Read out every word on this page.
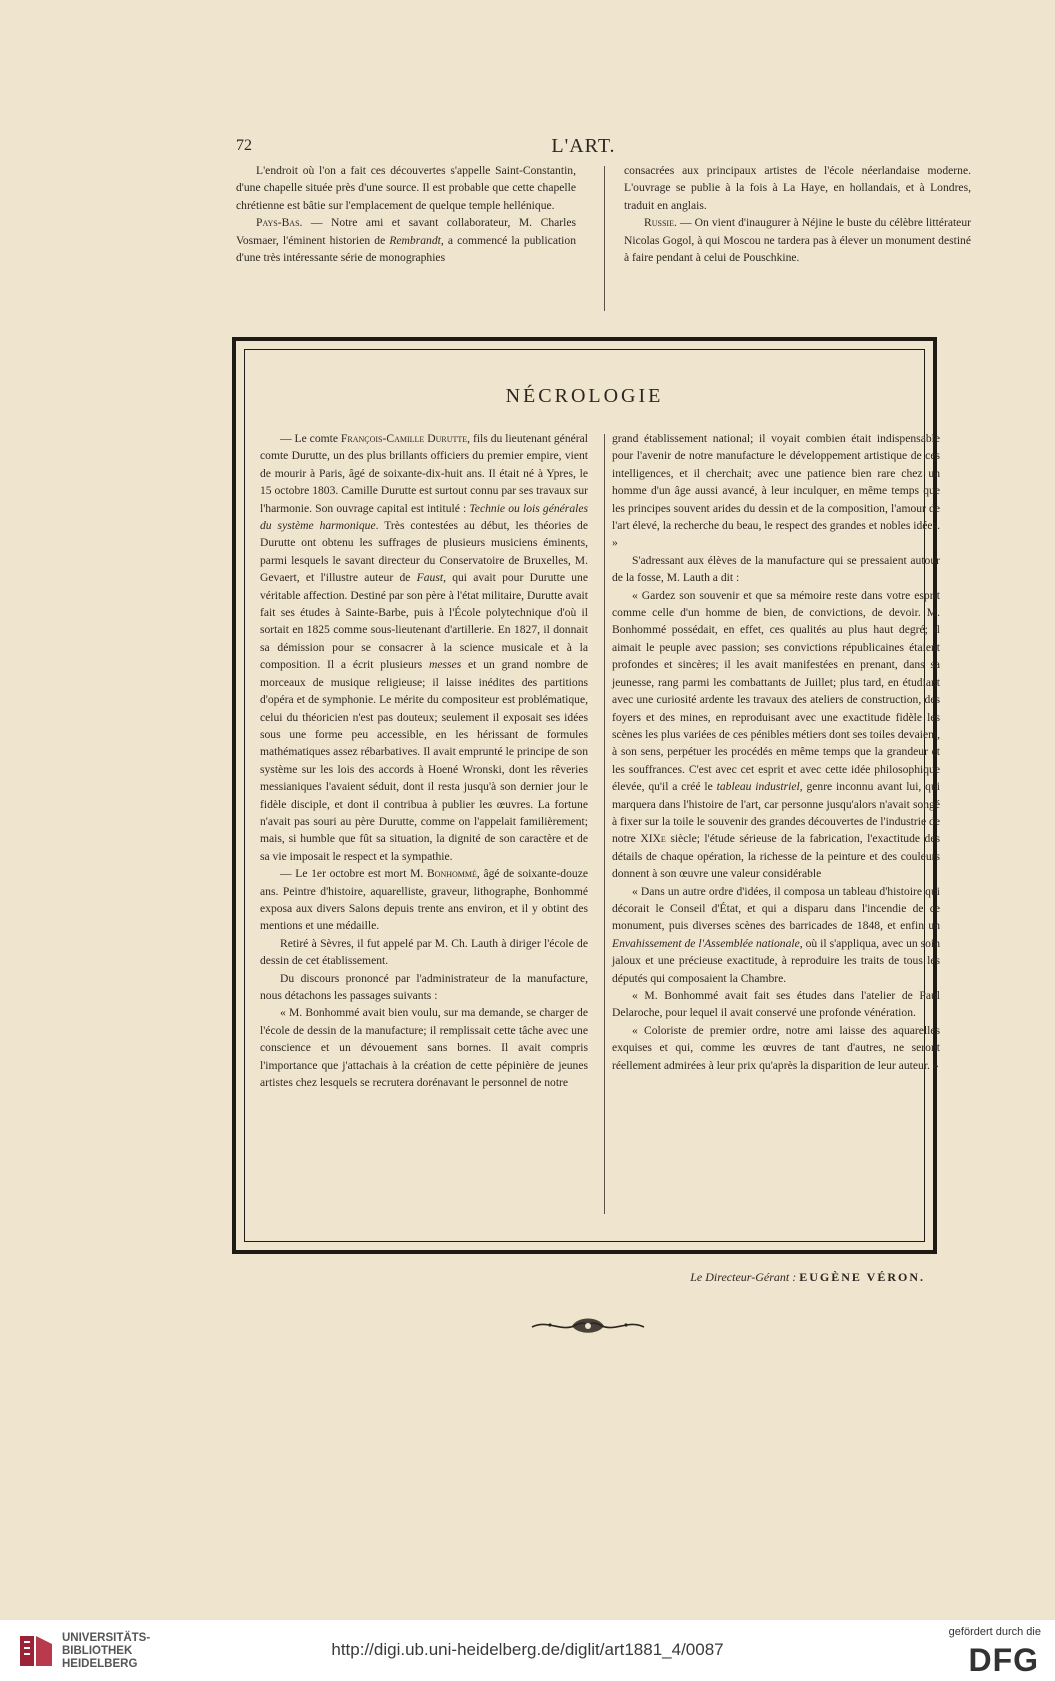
72	L'ART.

L'endroit où l'on a fait ces découvertes s'appelle Saint-Constantin, d'une chapelle située près d'une source. Il est probable que cette chapelle chrétienne est bâtie sur l'emplacement de quelque temple hellénique.

Pays-Bas. — Notre ami et savant collaborateur, M. Charles Vosmaer, l'éminent historien de Rembrandt, a commencé la publication d'une très intéressante série de monographies

consacrées aux principaux artistes de l'école néerlandaise moderne. L'ouvrage se publie à la fois à La Haye, en hollandais, et à Londres, traduit en anglais.

Russie. — On vient d'inaugurer à Néjine le buste du célèbre littérateur Nicolas Gogol, à qui Moscou ne tardera pas à élever un monument destiné à faire pendant à celui de Pouschkine.

NÉCROLOGIE

— Le comte François-Camille Durutte, fils du lieutenant général comte Durutte, un des plus brillants officiers du premier empire, vient de mourir à Paris, âgé de soixante-dix-huit ans. Il était né à Ypres, le 15 octobre 1803. Camille Durutte est surtout connu par ses travaux sur l'harmonie. Son ouvrage capital est intitulé : Technie ou lois générales du système harmonique. Très contestées au début, les théories de Durutte ont obtenu les suffrages de plusieurs musiciens éminents, parmi lesquels le savant directeur du Conservatoire de Bruxelles, M. Gevaert, et l'illustre auteur de Faust, qui avait pour Durutte une véritable affection. Destiné par son père à l'état militaire, Durutte avait fait ses études à Sainte-Barbe, puis à l'École polytechnique d'où il sortait en 1825 comme sous-lieutenant d'artillerie. En 1827, il donnait sa démission pour se consacrer à la science musicale et à la composition. Il a écrit plusieurs messes et un grand nombre de morceaux de musique religieuse; il laisse inédites des partitions d'opéra et de symphonie. Le mérite du compositeur est problématique, celui du théoricien n'est pas douteux; seulement il exposait ses idées sous une forme peu accessible, en les hérissant de formules mathématiques assez rébarbatives. Il avait emprunté le principe de son système sur les lois des accords à Hoené Wronski, dont les rêveries messianiques l'avaient séduit, dont il resta jusqu'à son dernier jour le fidèle disciple, et dont il contribua à publier les œuvres. La fortune n'avait pas souri au père Durutte, comme on l'appelait familièrement; mais, si humble que fût sa situation, la dignité de son caractère et de sa vie imposait le respect et la sympathie.

— Le 1er octobre est mort M. Bonhommé, âgé de soixante-douze ans. Peintre d'histoire, aquarelliste, graveur, lithographe, Bonhommé exposa aux divers Salons depuis trente ans environ, et il y obtint des mentions et une médaille.

Retiré à Sèvres, il fut appelé par M. Ch. Lauth à diriger l'école de dessin de cet établissement.

Du discours prononcé par l'administrateur de la manufacture, nous détachons les passages suivants :

« M. Bonhommé avait bien voulu, sur ma demande, se charger de l'école de dessin de la manufacture; il remplissait cette tâche avec une conscience et un dévouement sans bornes. Il avait compris l'importance que j'attachais à la création de cette pépinière de jeunes artistes chez lesquels se recrutera dorénavant le personnel de notre

grand établissement national; il voyait combien était indispensable pour l'avenir de notre manufacture le développement artistique de ces intelligences, et il cherchait; avec une patience bien rare chez un homme d'un âge aussi avancé, à leur inculquer, en même temps que les principes souvent arides du dessin et de la composition, l'amour de l'art élevé, la recherche du beau, le respect des grandes et nobles idées. »

S'adressant aux élèves de la manufacture qui se pressaient autour de la fosse, M. Lauth a dit :

« Gardez son souvenir et que sa mémoire reste dans votre esprit comme celle d'un homme de bien, de convictions, de devoir. M. Bonhommé possédait, en effet, ces qualités au plus haut degré; il aimait le peuple avec passion; ses convictions républicaines étaient profondes et sincères; il les avait manifestées en prenant, dans sa jeunesse, rang parmi les combattants de Juillet; plus tard, en étudiant avec une curiosité ardente les travaux des ateliers de construction, des foyers et des mines, en reproduisant avec une exactitude fidèle les scènes les plus variées de ces pénibles métiers dont ses toiles devaient, à son sens, perpétuer les procédés en même temps que la grandeur et les souffrances. C'est avec cet esprit et avec cette idée philosophique élevée, qu'il a créé le tableau industriel, genre inconnu avant lui, qui marquera dans l'histoire de l'art, car personne jusqu'alors n'avait songé à fixer sur la toile le souvenir des grandes découvertes de l'industrie de notre XIXe siècle; l'étude sérieuse de la fabrication, l'exactitude des détails de chaque opération, la richesse de la peinture et des couleurs donnent à son œuvre une valeur considérable

« Dans un autre ordre d'idées, il composa un tableau d'histoire qui décorait le Conseil d'État, et qui a disparu dans l'incendie de ce monument, puis diverses scènes des barricades de 1848, et enfin un Envahissement de l'Assemblée nationale, où il s'appliqua, avec un soin jaloux et une précieuse exactitude, à reproduire les traits de tous les députés qui composaient la Chambre.

« M. Bonhommé avait fait ses études dans l'atelier de Paul Delaroche, pour lequel il avait conservé une profonde vénération.

« Coloriste de premier ordre, notre ami laisse des aquarelles exquises et qui, comme les œuvres de tant d'autres, ne seront réellement admirées à leur prix qu'après la disparition de leur auteur. »

Le Directeur-Gérant : EUGÈNE VÉRON.
UNIVERSITÄTS-
BIBLIOTHEK
HEIDELBERG
http://digi.ub.uni-heidelberg.de/diglit/art1881_4/0087
gefördert durch die
DFG
